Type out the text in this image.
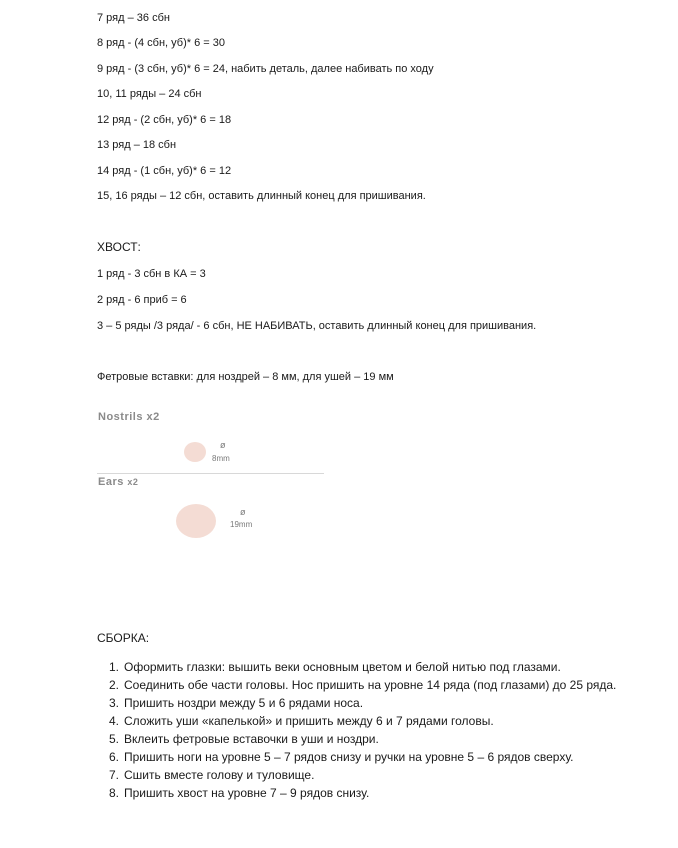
7 ряд – 36 сбн
8 ряд - (4 сбн, уб)* 6 = 30
9 ряд - (3 сбн, уб)* 6 = 24, набить деталь, далее набивать по ходу
10, 11 ряды – 24 сбн
12 ряд - (2 сбн, уб)* 6 = 18
13 ряд – 18 сбн
14 ряд - (1 сбн, уб)* 6 = 12
15, 16 ряды – 12 сбн, оставить длинный конец для пришивания.
ХВОСТ:
1 ряд - 3 сбн в КА = 3
2 ряд - 6 приб = 6
3 – 5 ряды /3 ряда/ - 6 сбн, НЕ НАБИВАТЬ, оставить длинный конец для пришивания.
Фетровые вставки: для ноздрей – 8 мм, для ушей – 19 мм
Nostrils x2
ø
8mm
Ears x2
ø
19mm
СБОРКА:
1. Оформить глазки: вышить веки основным цветом и белой нитью под глазами.
2. Соединить обе части головы. Нос пришить на уровне 14 ряда (под глазами) до 25 ряда.
3. Пришить ноздри между 5 и 6 рядами носа.
4. Сложить уши «капелькой» и пришить между 6 и 7 рядами головы.
5. Вклеить фетровые вставочки в уши и ноздри.
6. Пришить ноги на уровне 5 – 7 рядов снизу и ручки на уровне 5 – 6 рядов сверху.
7. Сшить вместе голову и туловище.
8. Пришить хвост на уровне 7 – 9 рядов снизу.
